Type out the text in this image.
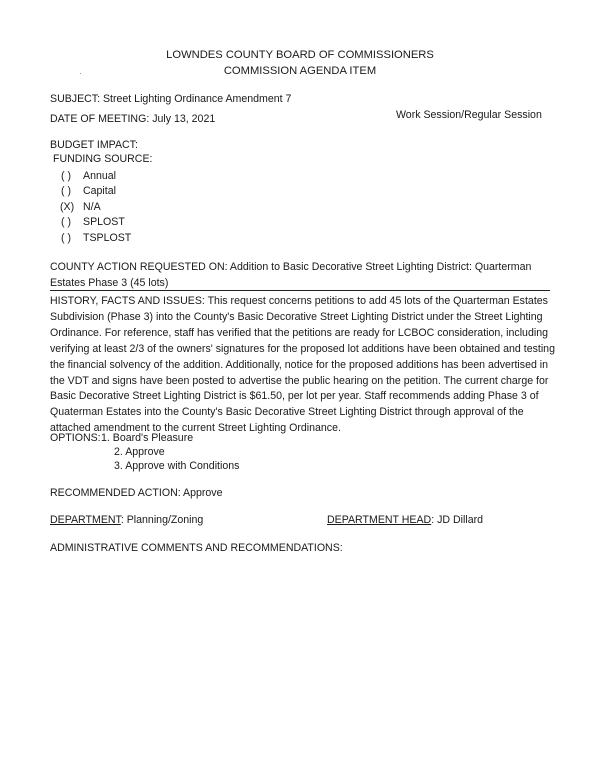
LOWNDES COUNTY BOARD OF COMMISSIONERS
COMMISSION AGENDA ITEM
SUBJECT: Street Lighting Ordinance Amendment 7
DATE OF MEETING: July 13, 2021	Work Session/Regular Session
BUDGET IMPACT:
FUNDING SOURCE:
( ) Annual
( ) Capital
(X) N/A
( ) SPLOST
( ) TSPLOST
COUNTY ACTION REQUESTED ON: Addition to Basic Decorative Street Lighting District: Quarterman Estates Phase 3 (45 lots)
HISTORY, FACTS AND ISSUES: This request concerns petitions to add 45 lots of the Quarterman Estates Subdivision (Phase 3) into the County's Basic Decorative Street Lighting District under the Street Lighting Ordinance. For reference, staff has verified that the petitions are ready for LCBOC consideration, including verifying at least 2/3 of the owners' signatures for the proposed lot additions have been obtained and testing the financial solvency of the addition. Additionally, notice for the proposed additions has been advertised in the VDT and signs have been posted to advertise the public hearing on the petition. The current charge for Basic Decorative Street Lighting District is $61.50, per lot per year. Staff recommends adding Phase 3 of Quaterman Estates into the County's Basic Decorative Street Lighting District through approval of the attached amendment to the current Street Lighting Ordinance.
OPTIONS: 1. Board's Pleasure
2. Approve
3. Approve with Conditions
RECOMMENDED ACTION: Approve
DEPARTMENT: Planning/Zoning	DEPARTMENT HEAD: JD Dillard
ADMINISTRATIVE COMMENTS AND RECOMMENDATIONS:
